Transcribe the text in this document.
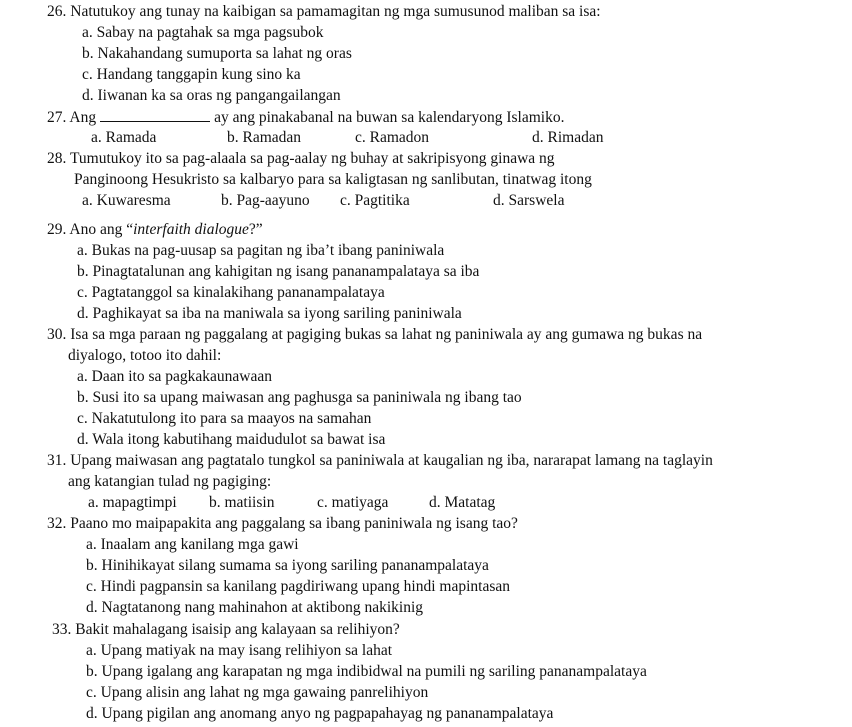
26. Natutukoy ang tunay na kaibigan sa pamamagitan ng mga sumusunod maliban sa isa:
a. Sabay na pagtahak sa mga pagsubok
b. Nakahandang sumuporta sa lahat ng oras
c. Handang tanggapin kung sino ka
d. Iiwanan ka sa oras ng pangangailangan
27. Ang	ay ang pinakabanal na buwan sa kalendaryong Islamiko.
a. Ramada	b. Ramadan	c. Ramadon	d. Rimadan
28. Tumutukoy ito sa pag-alaala sa pag-aalay ng buhay at sakripisyong ginawa ng
Panginoong Hesukristo sa kalbaryo para sa kaligtasan ng sanlibutan, tinatwag itong
a. Kuwaresma	b. Pag-aayuno c. Pagtitika	d. Sarswela
29. Ano ang “interfaith dialogue?”
a. Bukas na pag-uusap sa pagitan ng iba’t ibang paniniwala
b. Pinagtatalunan ang kahigitan ng isang pananampalataya sa iba
c. Pagtatanggol sa kinalakihang pananampalataya
d. Paghikayat sa iba na maniwala sa iyong sariling paniniwala
30. Isa sa mga paraan ng paggalang at pagiging bukas sa lahat ng paniniwala ay ang gumawa ng bukas na
diyalogo, totoo ito dahil:
a. Daan ito sa pagkakaunawaan
b. Susi ito sa upang maiwasan ang paghusga sa paniniwala ng ibang tao
c. Nakatutulong ito para sa maayos na samahan
d. Wala itong kabutihang maidudulot sa bawat isa
31. Upang maiwasan ang pagtatalo tungkol sa paniniwala at kaugalian ng iba, nararapat lamang na taglayin
ang katangian tulad ng pagiging:
a. mapagtimpi b. matiisin	c. matiyaga	d. Matatag
32. Paano mo maipapakita ang paggalang sa ibang paniniwala ng isang tao?
a. Inaalam ang kanilang mga gawi
b. Hinihikayat silang sumama sa iyong sariling pananampalataya
c. Hindi pagpansin sa kanilang pagdiriwang upang hindi mapintasan
d. Nagtatanong nang mahinahon at aktibong nakikinig
33. Bakit mahalagang isaisip ang kalayaan sa relihiyon?
a. Upang matiyak na may isang relihiyon sa lahat
b. Upang igalang ang karapatan ng mga indibidwal na pumili ng sariling pananampalataya
c. Upang alisin ang lahat ng mga gawaing panrelihiyon
d. Upang pigilan ang anomang anyo ng pagpapahayag ng pananampalataya
